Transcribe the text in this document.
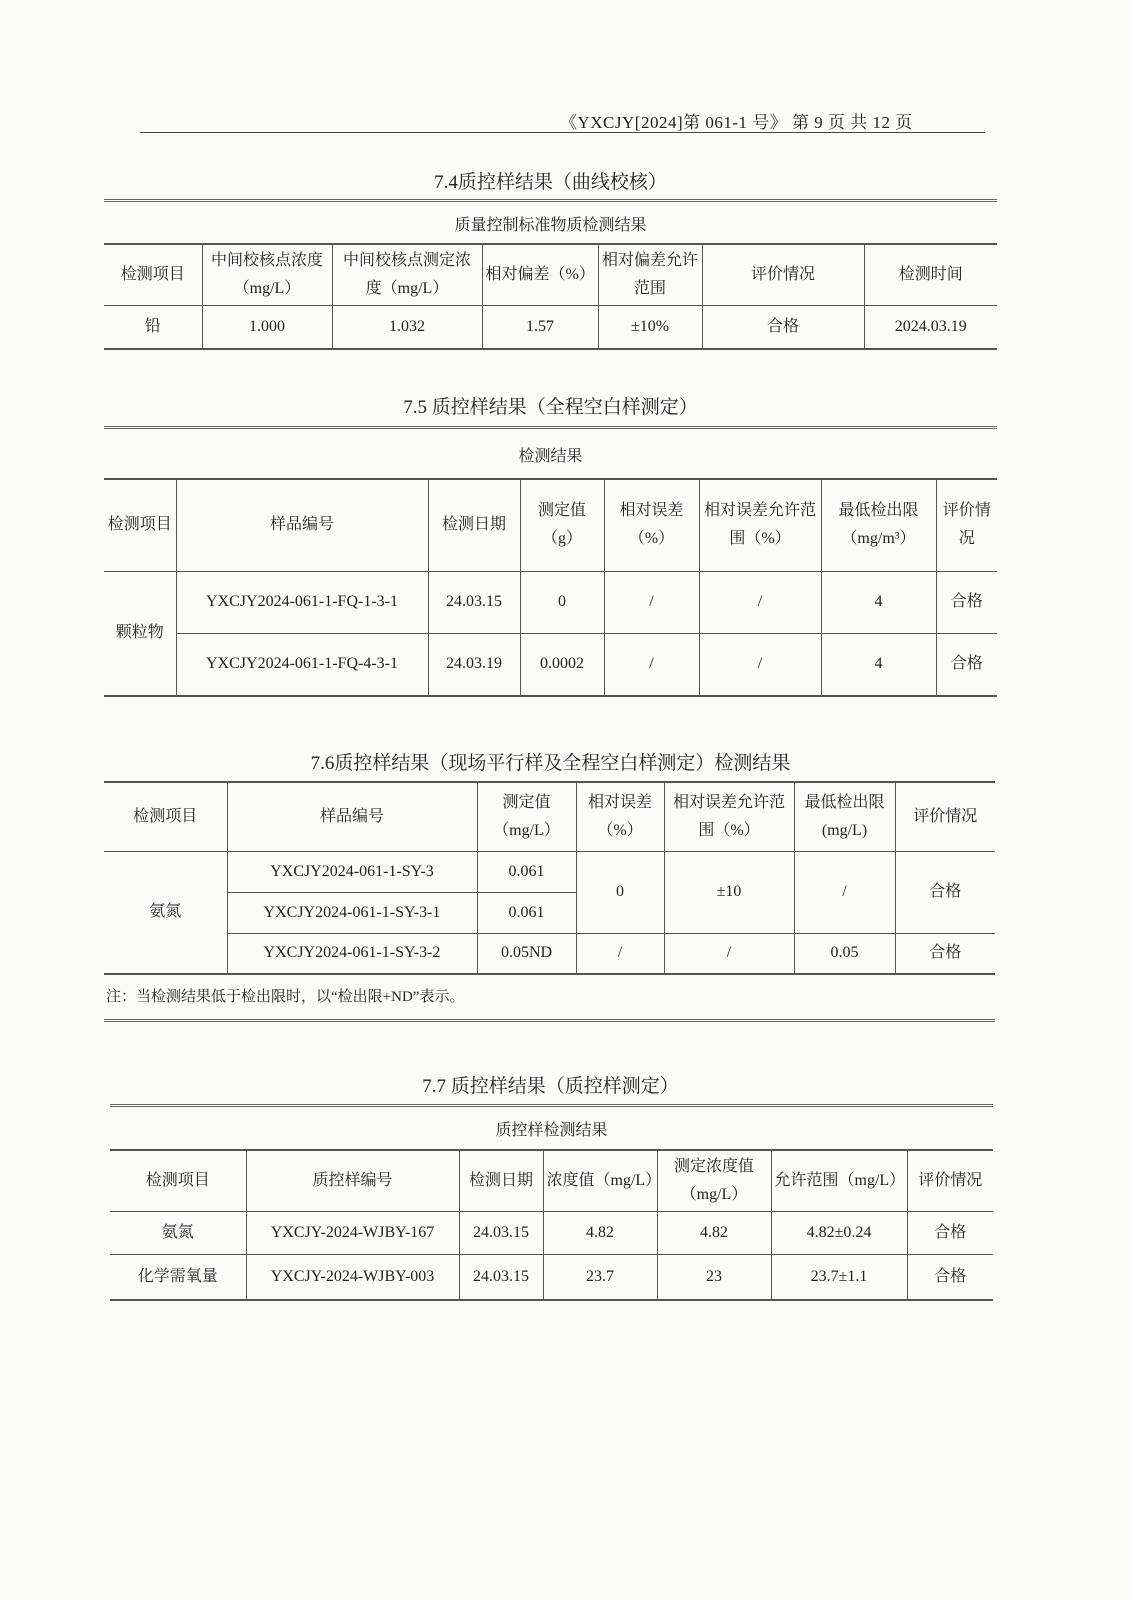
《YXCJY[2024]第 061-1 号》 第 9 页 共 12 页
7.4质控样结果（曲线校核）
质量控制标准物质检测结果
检测项目	中间校核点浓度（mg/L）	中间校核点测定浓度（mg/L）	相对偏差（%）	相对偏差允许范围	评价情况	检测时间
铅	1.000	1.032	1.57	±10%	合格	2024.03.19
7.5 质控样结果（全程空白样测定）
检测结果
检测项目	样品编号	检测日期	测定值（g）	相对误差（%）	相对误差允许范围（%）	最低检出限（mg/m³）	评价情况
颗粒物	YXCJY2024-061-1-FQ-1-3-1	24.03.15	0	/	/	4	合格
	YXCJY2024-061-1-FQ-4-3-1	24.03.19	0.0002	/	/	4	合格
7.6质控样结果（现场平行样及全程空白样测定）检测结果
检测项目	样品编号	测定值（mg/L）	相对误差（%）	相对误差允许范围（%）	最低检出限(mg/L)	评价情况
氨氮	YXCJY2024-061-1-SY-3	0.061	0	±10	/	合格
	YXCJY2024-061-1-SY-3-1	0.061				
	YXCJY2024-061-1-SY-3-2	0.05ND	/	/	0.05	合格
注：当检测结果低于检出限时，以“检出限+ND”表示。
7.7 质控样结果（质控样测定）
质控样检测结果
检测项目	质控样编号	检测日期	浓度值（mg/L）	测定浓度值（mg/L）	允许范围（mg/L）	评价情况
氨氮	YXCJY-2024-WJBY-167	24.03.15	4.82	4.82	4.82±0.24	合格
化学需氧量	YXCJY-2024-WJBY-003	24.03.15	23.7	23	23.7±1.1	合格
